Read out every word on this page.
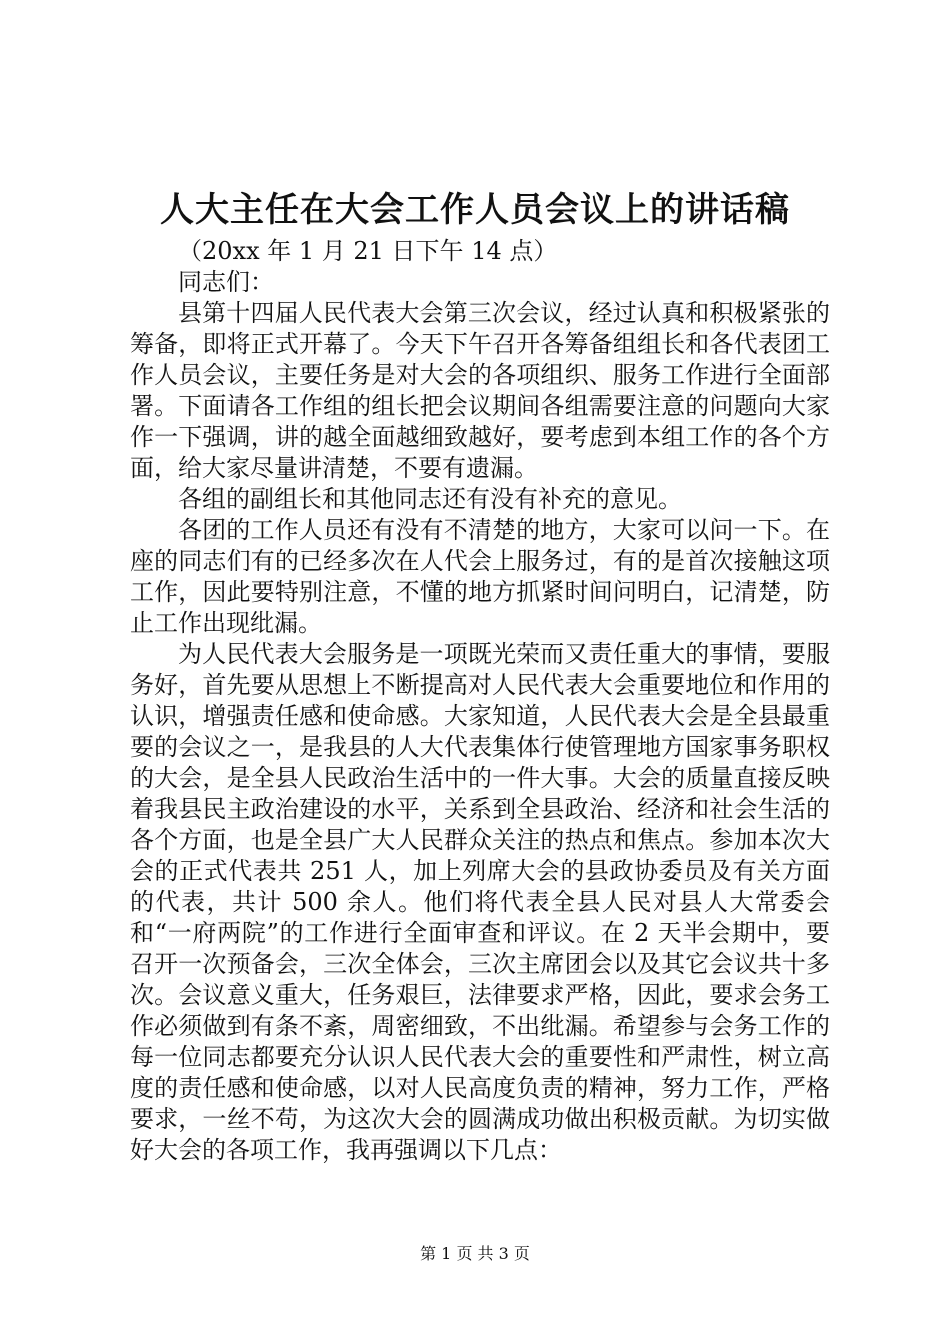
人大主任在大会工作人员会议上的讲话稿

（20xx 年 1 月 21 日下午 14 点）

同志们：

县第十四届人民代表大会第三次会议，经过认真和积极紧张的筹备，即将正式开幕了。今天下午召开各筹备组组长和各代表团工作人员会议，主要任务是对大会的各项组织、服务工作进行全面部署。下面请各工作组的组长把会议期间各组需要注意的问题向大家作一下强调，讲的越全面越细致越好，要考虑到本组工作的各个方面，给大家尽量讲清楚，不要有遗漏。

各组的副组长和其他同志还有没有补充的意见。

各团的工作人员还有没有不清楚的地方，大家可以问一下。在座的同志们有的已经多次在人代会上服务过，有的是首次接触这项工作，因此要特别注意，不懂的地方抓紧时间问明白，记清楚，防止工作出现纰漏。

为人民代表大会服务是一项既光荣而又责任重大的事情，要服务好，首先要从思想上不断提高对人民代表大会重要地位和作用的认识，增强责任感和使命感。大家知道，人民代表大会是全县最重要的会议之一，是我县的人大代表集体行使管理地方国家事务职权的大会，是全县人民政治生活中的一件大事。大会的质量直接反映着我县民主政治建设的水平，关系到全县政治、经济和社会生活的各个方面，也是全县广大人民群众关注的热点和焦点。参加本次大会的正式代表共 251 人，加上列席大会的县政协委员及有关方面的代表，共计 500 余人。他们将代表全县人民对县人大常委会和“一府两院”的工作进行全面审查和评议。在 2 天半会期中，要召开一次预备会，三次全体会，三次主席团会以及其它会议共十多次。会议意义重大，任务艰巨，法律要求严格，因此，要求会务工作必须做到有条不紊，周密细致，不出纰漏。希望参与会务工作的每一位同志都要充分认识人民代表大会的重要性和严肃性，树立高度的责任感和使命感，以对人民高度负责的精神，努力工作，严格要求，一丝不苟，为这次大会的圆满成功做出积极贡献。为切实做好大会的各项工作，我再强调以下几点：

第 1 页 共 3 页
